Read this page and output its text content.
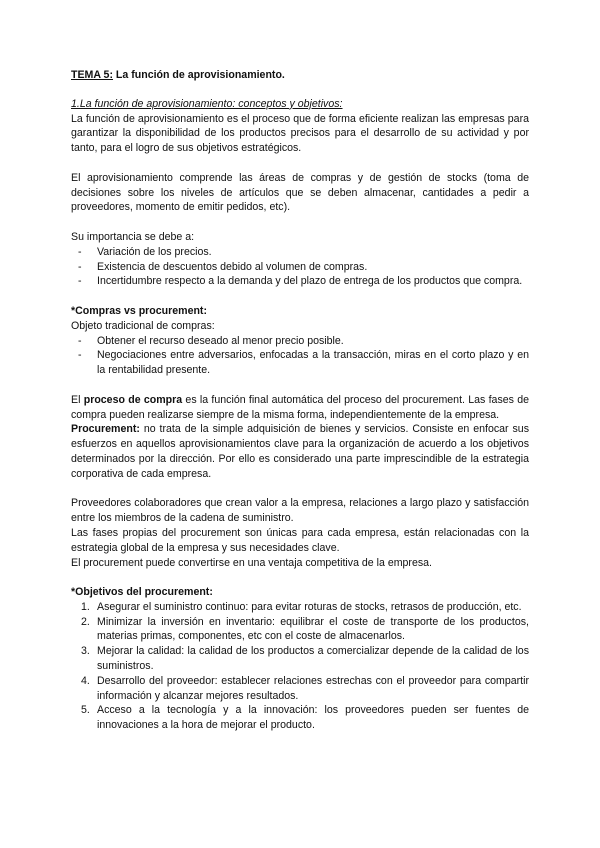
TEMA 5: La función de aprovisionamiento.

1.La función de aprovisionamiento: conceptos y objetivos:

La función de aprovisionamiento es el proceso que de forma eficiente realizan las empresas para garantizar la disponibilidad de los productos precisos para el desarrollo de su actividad y por tanto, para el logro de sus objetivos estratégicos.

El aprovisionamiento comprende las áreas de compras y de gestión de stocks (toma de decisiones sobre los niveles de artículos que se deben almacenar, cantidades a pedir a proveedores, momento de emitir pedidos, etc).

Su importancia se debe a:

- Variación de los precios.
- Existencia de descuentos debido al volumen de compras.
- Incertidumbre respecto a la demanda y del plazo de entrega de los productos que compra.

*Compras vs procurement:

Objeto tradicional de compras:

- Obtener el recurso deseado al menor precio posible.
- Negociaciones entre adversarios, enfocadas a la transacción, miras en el corto plazo y en la rentabilidad presente.

El proceso de compra es la función final automática del proceso del procurement. Las fases de compra pueden realizarse siempre de la misma forma, independientemente de la empresa.

Procurement: no trata de la simple adquisición de bienes y servicios. Consiste en enfocar sus esfuerzos en aquellos aprovisionamientos clave para la organización de acuerdo a los objetivos determinados por la dirección. Por ello es considerado una parte imprescindible de la estrategia corporativa de cada empresa.

Proveedores colaboradores que crean valor a la empresa, relaciones a largo plazo y satisfacción entre los miembros de la cadena de suministro.

Las fases propias del procurement son únicas para cada empresa, están relacionadas con la estrategia global de la empresa y sus necesidades clave.

El procurement puede convertirse en una ventaja competitiva de la empresa.

*Objetivos del procurement:

1. Asegurar el suministro continuo: para evitar roturas de stocks, retrasos de producción, etc.
2. Minimizar la inversión en inventario: equilibrar el coste de transporte de los productos, materias primas, componentes, etc con el coste de almacenarlos.
3. Mejorar la calidad: la calidad de los productos a comercializar depende de la calidad de los suministros.
4. Desarrollo del proveedor: establecer relaciones estrechas con el proveedor para compartir información y alcanzar mejores resultados.
5. Acceso a la tecnología y a la innovación: los proveedores pueden ser fuentes de innovaciones a la hora de mejorar el producto.
